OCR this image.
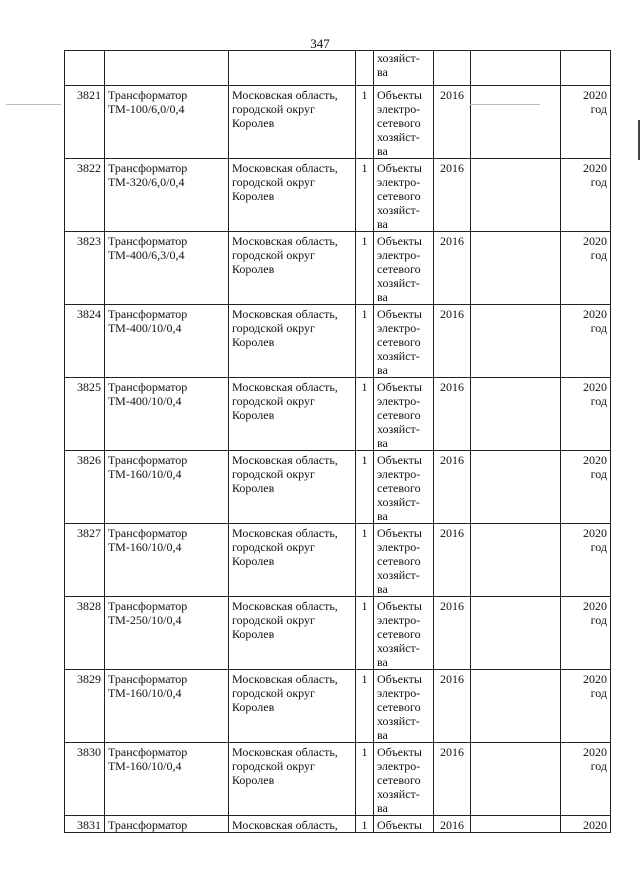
347
				хозяйст-
ва			
3821	Трансформатор
ТМ-100/6,0/0,4	Московская область,
городской округ
Королев	1	Объекты
электро-
сетевого
хозяйст-
ва	2016		2020
год
3822	Трансформатор
ТМ-320/6,0/0,4	Московская область,
городской округ
Королев	1	Объекты
электро-
сетевого
хозяйст-
ва	2016		2020
год
3823	Трансформатор
ТМ-400/6,3/0,4	Московская область,
городской округ
Королев	1	Объекты
электро-
сетевого
хозяйст-
ва	2016		2020
год
3824	Трансформатор
ТМ-400/10/0,4	Московская область,
городской округ
Королев	1	Объекты
электро-
сетевого
хозяйст-
ва	2016		2020
год
3825	Трансформатор
ТМ-400/10/0,4	Московская область,
городской округ
Королев	1	Объекты
электро-
сетевого
хозяйст-
ва	2016		2020
год
3826	Трансформатор
ТМ-160/10/0,4	Московская область,
городской округ
Королев	1	Объекты
электро-
сетевого
хозяйст-
ва	2016		2020
год
3827	Трансформатор
ТМ-160/10/0,4	Московская область,
городской округ
Королев	1	Объекты
электро-
сетевого
хозяйст-
ва	2016		2020
год
3828	Трансформатор
ТМ-250/10/0,4	Московская область,
городской округ
Королев	1	Объекты
электро-
сетевого
хозяйст-
ва	2016		2020
год
3829	Трансформатор
ТМ-160/10/0,4	Московская область,
городской округ
Королев	1	Объекты
электро-
сетевого
хозяйст-
ва	2016		2020
год
3830	Трансформатор
ТМ-160/10/0,4	Московская область,
городской округ
Королев	1	Объекты
электро-
сетевого
хозяйст-
ва	2016		2020
год
3831	Трансформатор	Московская область,	1	Объекты	2016		2020
